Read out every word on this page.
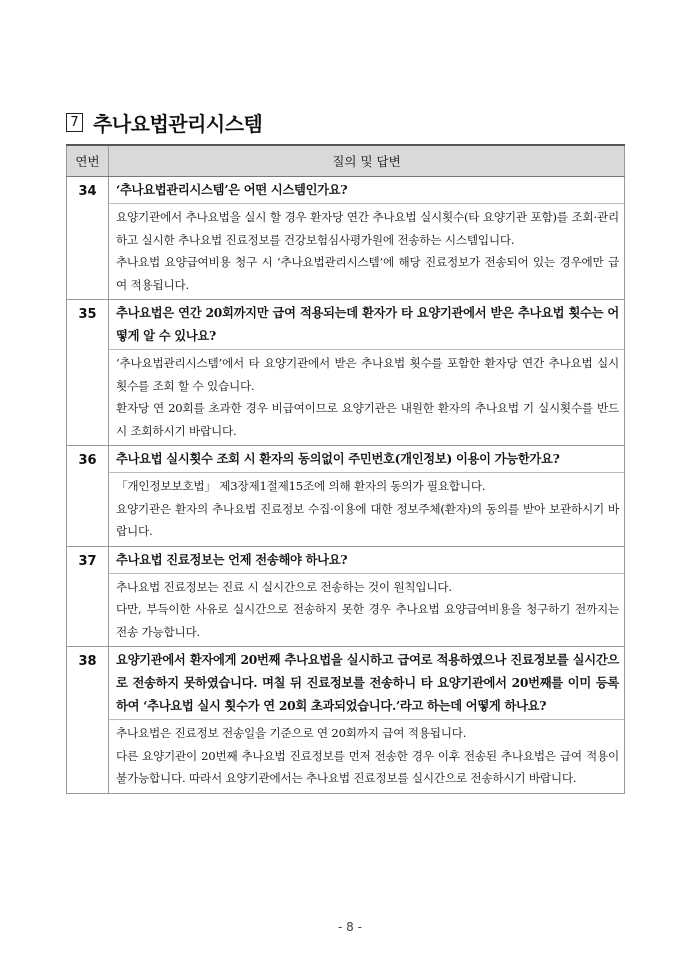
7 추나요법관리시스템
연번	질의 및 답변
34	‘추나요법관리시스템’은 어떤 시스템인가요?

요양기관에서 추나요법을 실시 할 경우 환자당 연간 추나요법 실시횟수(타 요양기관 포함)를 조회·관리하고 실시한 추나요법 진료정보를 건강보험심사평가원에 전송하는 시스템입니다.

추나요법 요양급여비용 청구 시 ‘추나요법관리시스템’에 해당 진료정보가 전송되어 있는 경우에만 급여 적용됩니다.

35	추나요법은 연간 20회까지만 급여 적용되는데 환자가 타 요양기관에서 받은 추나요법 횟수는 어떻게 알 수 있나요?

‘추나요법관리시스템’에서 타 요양기관에서 받은 추나요법 횟수를 포함한 환자당 연간 추나요법 실시횟수를 조회 할 수 있습니다.

환자당 연 20회를 초과한 경우 비급여이므로 요양기관은 내원한 환자의 추나요법 기 실시횟수를 반드시 조회하시기 바랍니다.

36	추나요법 실시횟수 조회 시 환자의 동의없이 주민번호(개인정보) 이용이 가능한가요?

「개인정보보호법」 제3장제1절제15조에 의해 환자의 동의가 필요합니다.

요양기관은 환자의 추나요법 진료정보 수집·이용에 대한 정보주체(환자)의 동의를 받아 보관하시기 바랍니다.

37	추나요법 진료정보는 언제 전송해야 하나요?

추나요법 진료정보는 진료 시 실시간으로 전송하는 것이 원칙입니다.

다만, 부득이한 사유로 실시간으로 전송하지 못한 경우 추나요법 요양급여비용을 청구하기 전까지는 전송 가능합니다.

38	요양기관에서 환자에게 20번째 추나요법을 실시하고 급여로 적용하였으나 진료정보를 실시간으로 전송하지 못하였습니다. 며칠 뒤 진료정보를 전송하니 타 요양기관에서 20번째를 이미 등록하여 ‘추나요법 실시 횟수가 연 20회 초과되었습니다.’라고 하는데 어떻게 하나요?

추나요법은 진료정보 전송일을 기준으로 연 20회까지 급여 적용됩니다.

다른 요양기관이 20번째 추나요법 진료정보를 먼저 전송한 경우 이후 전송된 추나요법은 급여 적용이 불가능합니다. 따라서 요양기관에서는 추나요법 진료정보를 실시간으로 전송하시기 바랍니다.

- 8 -
